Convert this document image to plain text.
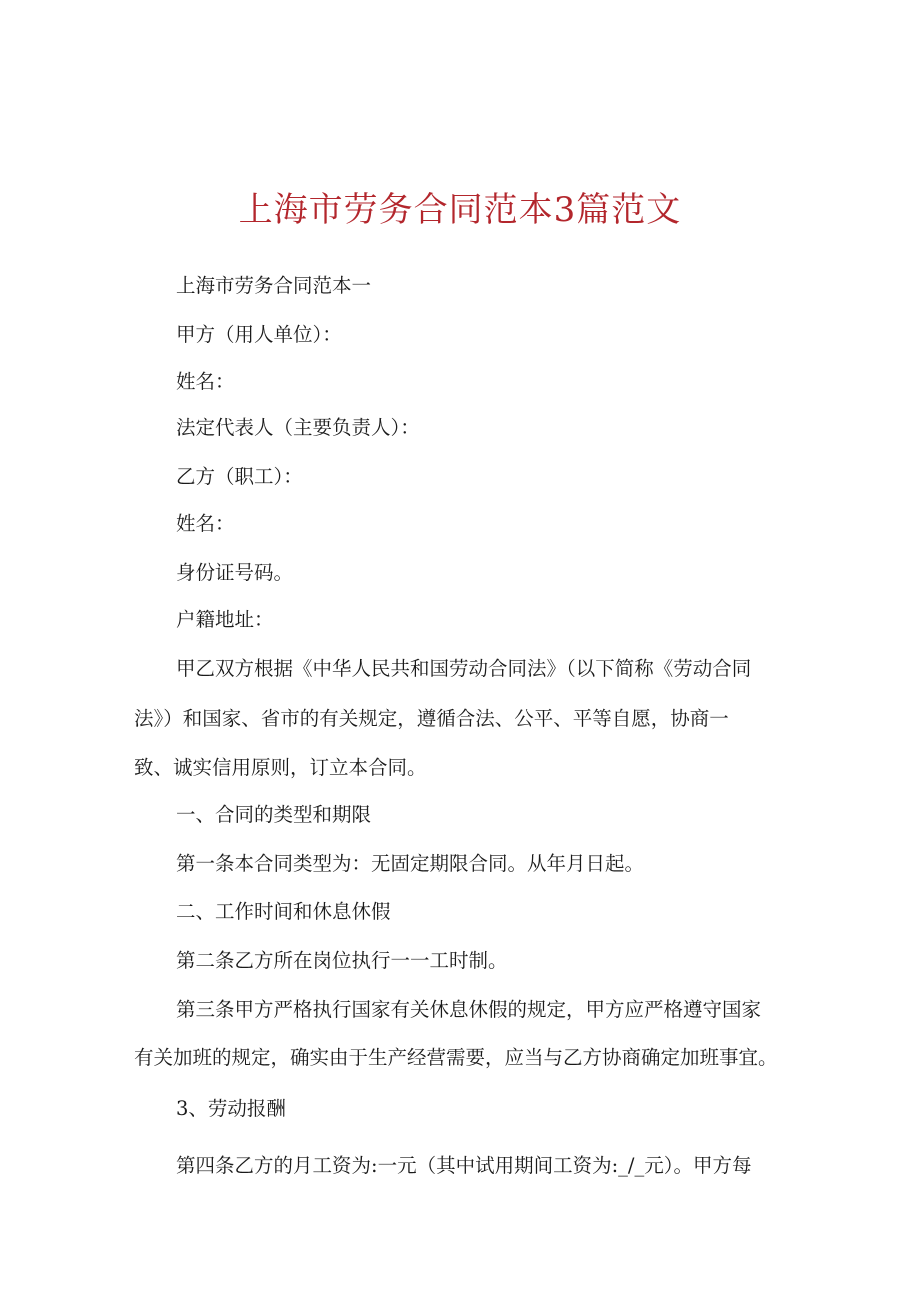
上海市劳务合同范本3篇范文

上海市劳务合同范本一

甲方（用人单位）：

姓名：

法定代表人（主要负责人）：

乙方（职工）：

姓名：

身份证号码。

户籍地址：

甲乙双方根据《中华人民共和国劳动合同法》（以下简称《劳动合同

法》）和国家、省市的有关规定，遵循合法、公平、平等自愿，协商一

致、诚实信用原则，订立本合同。

一、合同的类型和期限

第一条本合同类型为：无固定期限合同。从年月日起。

二、工作时间和休息休假

第二条乙方所在岗位执行一一工时制。

第三条甲方严格执行国家有关休息休假的规定，甲方应严格遵守国家

有关加班的规定，确实由于生产经营需要，应当与乙方协商确定加班事宜。

3、劳动报酬

第四条乙方的月工资为:一元（其中试用期间工资为:_/_元）。甲方每
